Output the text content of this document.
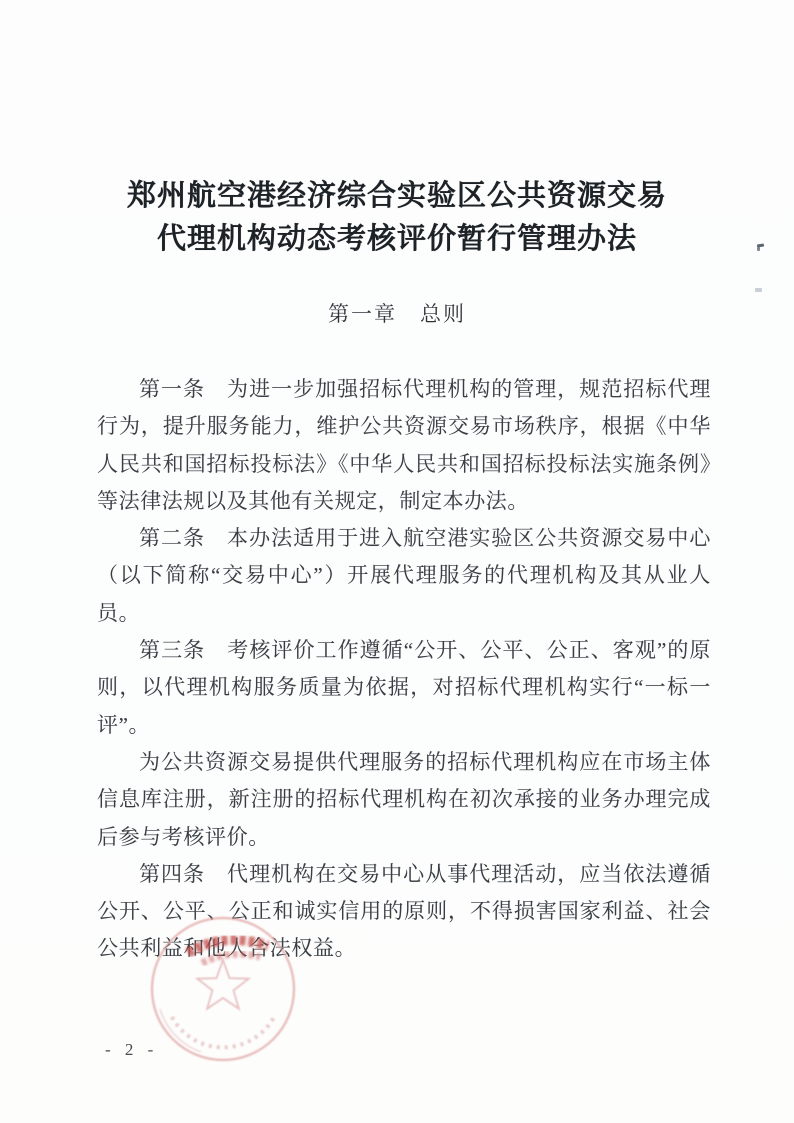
郑州航空港经济综合实验区公共资源交易
代理机构动态考核评价暂行管理办法
第一章　总则

第一条　为进一步加强招标代理机构的管理，规范招标代理行为，提升服务能力，维护公共资源交易市场秩序，根据《中华人民共和国招标投标法》《中华人民共和国招标投标法实施条例》等法律法规以及其他有关规定，制定本办法。

第二条　本办法适用于进入航空港实验区公共资源交易中心（以下简称“交易中心”）开展代理服务的代理机构及其从业人员。

第三条　考核评价工作遵循“公开、公平、公正、客观”的原则，以代理机构服务质量为依据，对招标代理机构实行“一标一评”。

为公共资源交易提供代理服务的招标代理机构应在市场主体信息库注册，新注册的招标代理机构在初次承接的业务办理完成后参与考核评价。

第四条　代理机构在交易中心从事代理活动，应当依法遵循公开、公平、公正和诚实信用的原则，不得损害国家利益、社会公共利益和他人合法权益。

- 2 -
